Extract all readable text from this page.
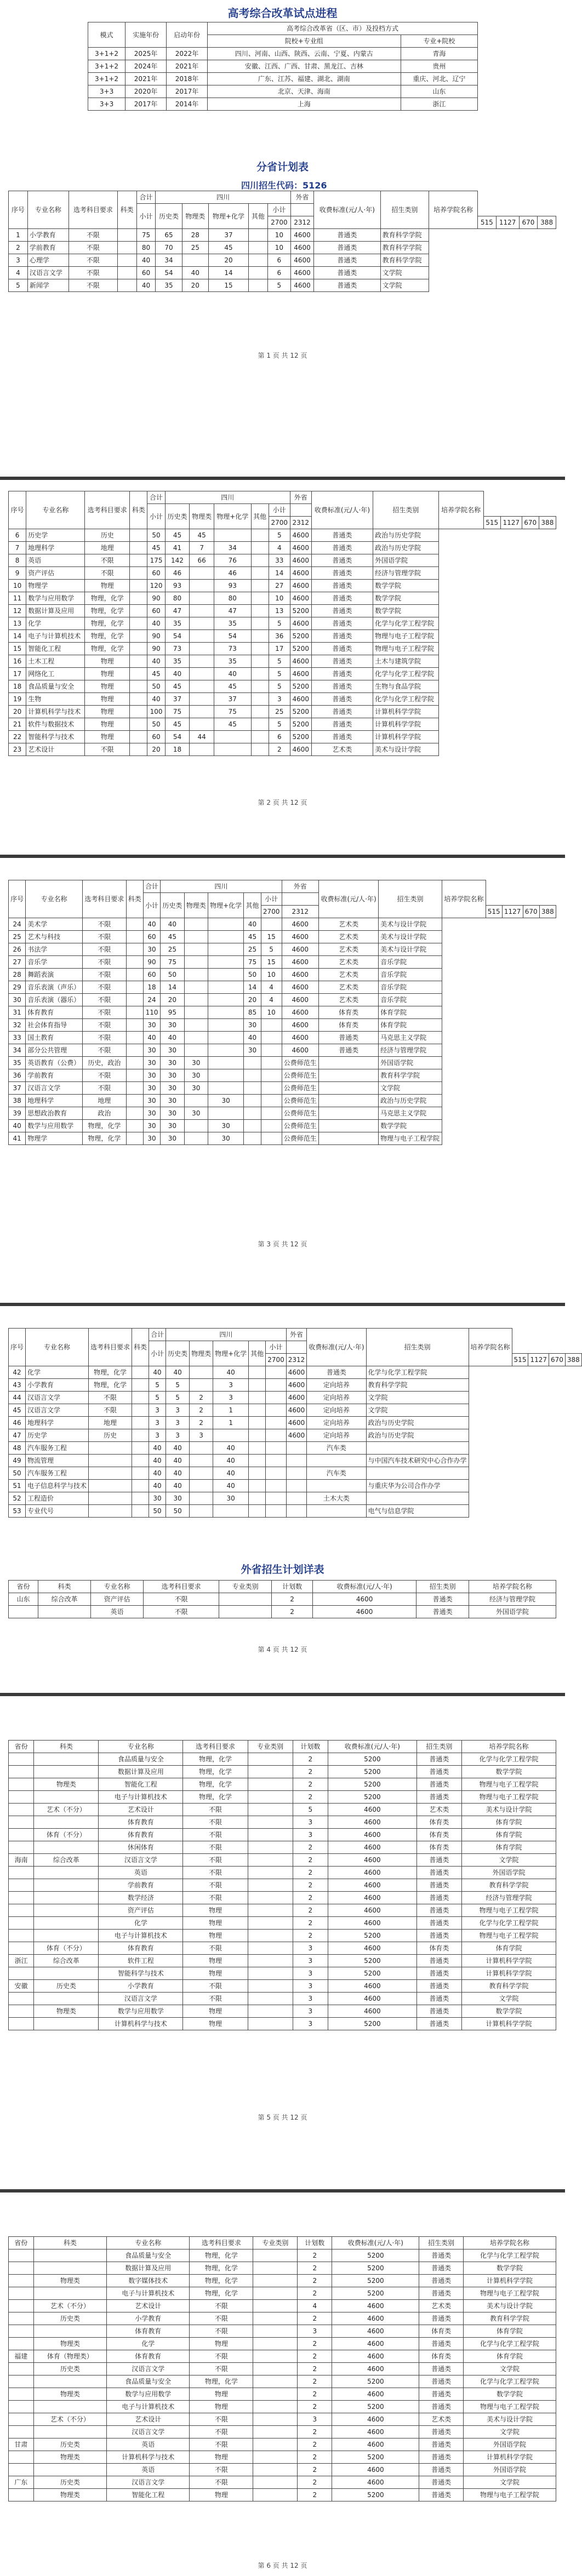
高考综合改革试点进程
模式	实施年份	启动年份	高考综合改革省（区、市）及投档方式	
			院校+专业组	专业+院校
3+1+2	2025年	2022年	四川、河南、山西、陕西、云南、宁夏、内蒙古	青海
3+1+2	2024年	2021年	安徽、江西、广西、甘肃、黑龙江、吉林	贵州
3+1+2	2021年	2018年	广东、江苏、福建、湖北、湖南	重庆、河北、辽宁
3+3	2020年	2017年	北京、天津、海南	山东
3+3	2017年	2014年	上海	浙江
分省计划表
四川招生代码：5126
序号	专业名称	选考科目要求	科类	合计	四川					外省	收费标准(元/人·年)	招生类别	培养学院名称				
				小计	历史类	物理类	物理+化学	其他	小计								
									2700	2312				515	1127	670	388
1	小学教育	不限		75	65	28	37		10	4600	普通类	教育科学学院					
2	学前教育	不限		80	70	25	45		10	4600	普通类	教育科学学院					
3	心理学	不限		40	34		20		6	4600	普通类	教育科学学院					
4	汉语言文学	不限		60	54	40	14		6	4600	普通类	文学院					
5	新闻学	不限		40	35	20	15		5	4600	普通类	文学院					
第 1 页 共 12 页
序号	专业名称	选考科目要求	科类	合计	四川					外省	收费标准(元/人·年)	招生类别	培养学院名称				
				小计	历史类	物理类	物理+化学	其他	小计								
									2700	2312				515	1127	670	388
6	历史学	历史		50	45	45			5	4600	普通类	政治与历史学院					
7	地理科学	地理		45	41	7	34		4	4600	普通类	政治与历史学院					
8	英语	不限		175	142	66	76		33	4600	普通类	外国语学院					
9	资产评估	不限		60	46		46		14	4600	普通类	经济与管理学院					
10	物理学	物理		120	93		93		27	4600	普通类	数学学院					
11	数学与应用数学	物理，化学		90	80		80		10	4600	普通类	数学学院					
12	数据计算及应用	物理，化学		60	47		47		13	5200	普通类	数学学院					
13	化学	物理，化学		40	35		35		5	4600	普通类	化学与化学工程学院					
14	电子与计算机技术	物理，化学		90	54		54		36	5200	普通类	物理与电子工程学院					
15	智能化工程	物理，化学		90	73		73		17	5200	普通类	物理与电子工程学院					
16	土木工程	物理		40	35		35		5	4600	普通类	土木与建筑学院					
17	网络化工	物理		45	40		40		5	4600	普通类	化学与化学工程学院					
18	食品质量与安全	物理		50	45		45		5	5200	普通类	生物与食品学院					
19	生物	物理		40	37		37		3	4600	普通类	化学与化学工程学院					
20	计算机科学与技术	物理		100	75		75		25	5200	普通类	计算机科学学院					
21	软件与数据技术	物理		50	45		45		5	5200	普通类	计算机科学学院					
22	智能科学与技术	物理		60	54	44			6	5200	普通类	计算机科学学院					
23	艺术设计	不限		20	18				2	4600	艺术类	美术与设计学院					
第 2 页 共 12 页
序号	专业名称	选考科目要求	科类	合计	四川					外省	收费标准(元/人·年)	招生类别	培养学院名称				
				小计	历史类	物理类	物理+化学	其他	小计								
									2700	2312				515	1127	670	388
24	美术学	不限		40	40			40		4600	艺术类	美术与设计学院					
25	艺术与科技	不限		60	45			45	15	4600	艺术类	美术与设计学院					
26	书法学	不限		30	25			25	5	4600	艺术类	美术与设计学院					
27	音乐学	不限		90	75			75	15	4600	艺术类	音乐学院					
28	舞蹈表演	不限		60	50			50	10	4600	艺术类	音乐学院					
29	音乐表演（声乐）	不限		18	14			14	4	4600	艺术类	音乐学院					
30	音乐表演（器乐）	不限		24	20			20	4	4600	艺术类	音乐学院					
31	体育教育	不限		110	95			85	10	4600	体育类	体育学院					
32	社会体育指导	不限		30	30			30		4600	体育类	体育学院					
33	国土教育	不限		40	40			40		4600	普通类	马克思主义学院					
34	部分公共管理	不限		30	30			30		4600	普通类	经济与管理学院					
35	英语教育（公费）	历史，政治		30	30	30				公费师范生		外国语学院					
36	学前教育	不限		30	30	30				公费师范生		教育科学学院					
37	汉语言文学	不限		30	30	30				公费师范生		文学院					
38	地理科学	地理		30	30		30			公费师范生		政治与历史学院					
39	思想政治教育	政治		30	30	30				公费师范生		马克思主义学院					
40	数学与应用数学	物理，化学		30	30		30			公费师范生		数学学院					
41	物理学	物理，化学		30	30		30			公费师范生		物理与电子工程学院					
第 3 页 共 12 页
序号	专业名称	选考科目要求	科类	合计	四川					外省	收费标准(元/人·年)	招生类别	培养学院名称				
				小计	历史类	物理类	物理+化学	其他	小计								
									2700	2312				515	1127	670	388
42	化学	物理，化学		40	40		40			4600	普通类	化学与化学工程学院					
43	小学教育	物理，化学		5	5		3			4600	定向培养	教育科学学院					
44	汉语言文学	不限		5	5	2	3			4600	定向培养	文学院					
45	汉语言文学	不限		3	3	2	1			4600	定向培养	文学院					
46	地理科学	地理		3	3	2	1			4600	定向培养	政治与历史学院					
47	历史学	历史		3	3	3				4600	定向培养	政治与历史学院					
48	汽车服务工程			40	40		40				汽车类						
49	物流管理			40	40		40					与中国汽车技术研究中心合作办学					
50	汽车服务工程			40	40		40				汽车类						
51	电子信息科学与技术			40	40		40					与重庆华为公司合作办学					
52	工程造价			30	30		30				土木大类						
53	专业代号			50	50							电气与信息学院					
外省招生计划详表
省份	科类	专业名称	选考科目要求	专业类别	计划数	收费标准(元/人·年)	招生类别	培养学院名称
山东	综合改革	资产评估	不限		2	4600	普通类	经济与管理学院
		英语	不限		2	4600	普通类	外国语学院
第 4 页 共 12 页
省份	科类	专业名称	选考科目要求	专业类别	计划数	收费标准(元/人·年)	招生类别	培养学院名称
		食品质量与安全	物理，化学		2	5200	普通类	化学与化学工程学院
		数据计算及应用	物理，化学		2	5200	普通类	数学学院
	物理类	智能化工程	物理，化学		2	5200	普通类	物理与电子工程学院
		电子与计算机技术	物理，化学		2	5200	普通类	物理与电子工程学院
	艺术（不分）	艺术设计	不限		5	4600	艺术类	美术与设计学院
		体育教育	不限		3	4600	体育类	体育学院
	体育（不分）	体育教育	不限		3	4600	体育类	体育学院
		休闲体育	不限		2	4600	体育类	体育学院
海南	综合改革	汉语言文学	不限		2	4600	普通类	文学院
		英语	不限		2	4600	普通类	外国语学院
		学前教育	不限		2	4600	普通类	教育科学学院
		数学经济	不限		2	4600	普通类	经济与管理学院
		资产评估	物理		2	4600	普通类	物理与电子工程学院
		化学	物理		2	4600	普通类	化学与化学工程学院
		电子与计算机技术	物理		2	5200	普通类	物理与电子工程学院
	体育（不分）	体育教育	不限		3	4600	体育类	体育学院
浙江	综合改革	软件工程	物理		3	5200	普通类	计算机科学学院
		智能科学与技术	物理		3	5200	普通类	计算机科学学院
安徽	历史类	小学教育	不限		3	4600	普通类	教育科学学院
		汉语言文学	不限		3	4600	普通类	文学院
	物理类	数学与应用数学	物理		3	4600	普通类	数学学院
		计算机科学与技术	物理		3	5200	普通类	计算机科学学院
第 5 页 共 12 页
省份	科类	专业名称	选考科目要求	专业类别	计划数	收费标准(元/人·年)	招生类别	培养学院名称
		食品质量与安全	物理，化学		2	5200	普通类	化学与化学工程学院
		数据计算及应用	物理，化学		2	5200	普通类	数学学院
	物理类	数字媒体技术	物理，化学		2	5200	普通类	计算机科学学院
		电子与计算机技术	物理，化学		2	5200	普通类	物理与电子工程学院
	艺术（不分）	艺术设计	不限		4	4600	艺术类	美术与设计学院
	历史类	小学教育	不限		2	4600	普通类	教育科学学院
		体育教育	不限		3	4600	体育类	体育学院
	物理类	化学	物理		2	4600	普通类	化学与化学工程学院
福建	体育（物理类）	体育教育	不限		2	4600	体育类	体育学院
	历史类	汉语言文学	不限		2	4600	普通类	文学院
		食品质量与安全	物理，化学		2	5200	普通类	化学与化学工程学院
	物理类	数学与应用数学	物理		2	4600	普通类	数学学院
		电子与计算机技术	物理		2	5200	普通类	物理与电子工程学院
	艺术（不分）	艺术设计	不限		3	4600	艺术类	美术与设计学院
		汉语言文学	不限		2	4600	普通类	文学院
甘肃	历史类	英语	不限		2	4600	普通类	外国语学院
	物理类	计算机科学与技术	物理		2	5200	普通类	计算机科学学院
		英语	不限		2	4600	普通类	外国语学院
广东	历史类	汉语言文学	不限		2	4600	普通类	文学院
	物理类	智能化工程	物理		2	5200	普通类	物理与电子工程学院
第 6 页 共 12 页
